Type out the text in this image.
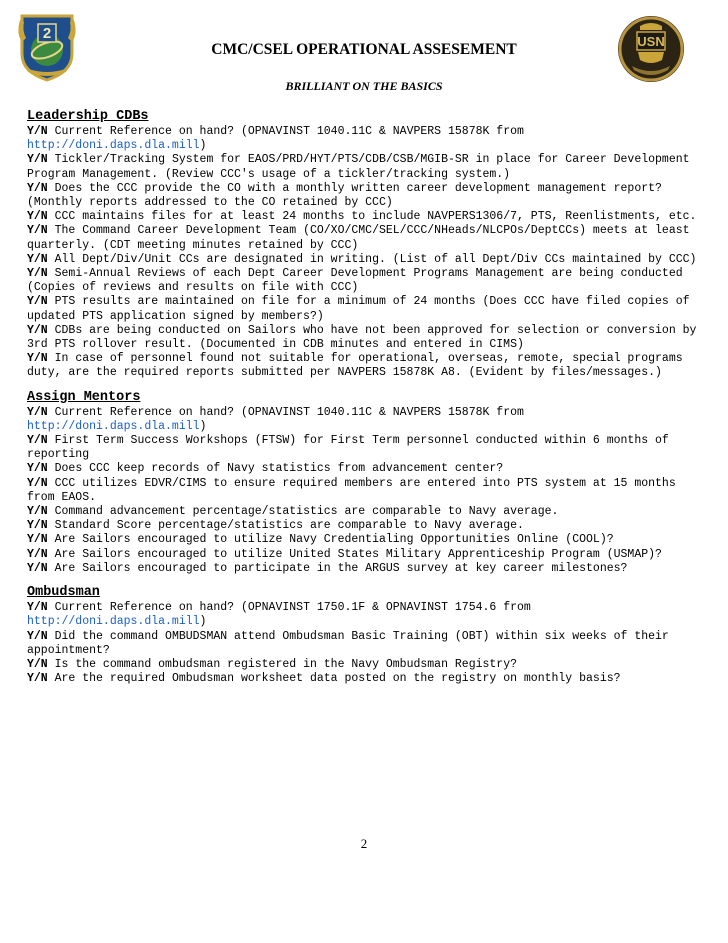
2	USN
CMC/CSEL OPERATIONAL ASSESEMENT
BRILLIANT ON THE BASICS
Leadership CDBs

Y/N Current Reference on hand? (OPNAVINST 1040.11C & NAVPERS 15878K from http://doni.daps.dla.mill)

Y/N Tickler/Tracking System for EAOS/PRD/HYT/PTS/CDB/CSB/MGIB-SR in place for Career Development Program Management. (Review CCC's usage of a tickler/tracking system.)

Y/N Does the CCC provide the CO with a monthly written career development management report? (Monthly reports addressed to the CO retained by CCC)

Y/N CCC maintains files for at least 24 months to include NAVPERS1306/7, PTS, Reenlistments, etc.

Y/N The Command Career Development Team (CO/XO/CMC/SEL/CCC/NHeads/NLCPOs/DeptCCs) meets at least quarterly. (CDT meeting minutes retained by CCC)

Y/N All Dept/Div/Unit CCs are designated in writing. (List of all Dept/Div CCs maintained by CCC)

Y/N Semi-Annual Reviews of each Dept Career Development Programs Management are being conducted (Copies of reviews and results on file with CCC)

Y/N PTS results are maintained on file for a minimum of 24 months (Does CCC have filed copies of updated PTS application signed by members?)

Y/N CDBs are being conducted on Sailors who have not been approved for selection or conversion by 3rd PTS rollover result. (Documented in CDB minutes and entered in CIMS)

Y/N In case of personnel found not suitable for operational, overseas, remote, special programs duty, are the required reports submitted per NAVPERS 15878K A8. (Evident by files/messages.)

Assign Mentors

Y/N Current Reference on hand? (OPNAVINST 1040.11C & NAVPERS 15878K from http://doni.daps.dla.mill)

Y/N First Term Success Workshops (FTSW) for First Term personnel conducted within 6 months of reporting

Y/N Does CCC keep records of Navy statistics from advancement center?

Y/N CCC utilizes EDVR/CIMS to ensure required members are entered into PTS system at 15 months from EAOS.

Y/N Command advancement percentage/statistics are comparable to Navy average.

Y/N Standard Score percentage/statistics are comparable to Navy average.

Y/N Are Sailors encouraged to utilize Navy Credentialing Opportunities Online (COOL)?

Y/N Are Sailors encouraged to utilize United States Military Apprenticeship Program (USMAP)?

Y/N Are Sailors encouraged to participate in the ARGUS survey at key career milestones?

Ombudsman

Y/N Current Reference on hand? (OPNAVINST 1750.1F & OPNAVINST 1754.6 from http://doni.daps.dla.mill)

Y/N Did the command OMBUDSMAN attend Ombudsman Basic Training (OBT) within six weeks of their appointment?

Y/N Is the command ombudsman registered in the Navy Ombudsman Registry?

Y/N Are the required Ombudsman worksheet data posted on the registry on monthly basis?

2
